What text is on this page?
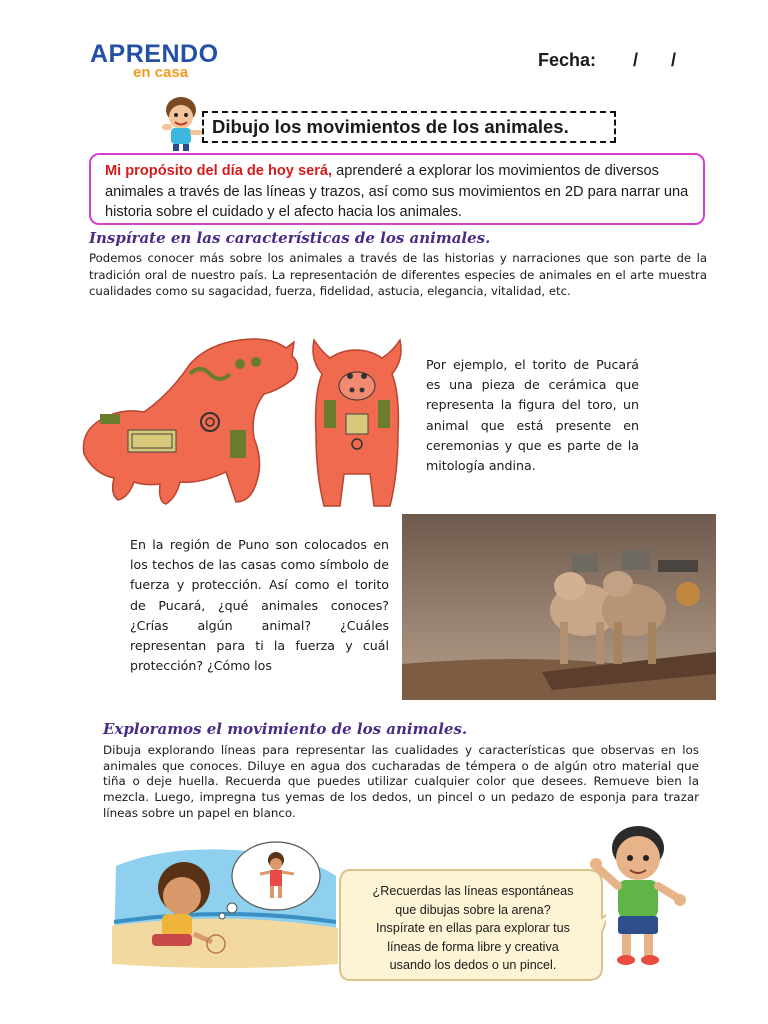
APRENDO
en casa
Fecha: / /
Dibujo los movimientos de los animales.
Mi propósito del día de hoy será, aprenderé a explorar los movimientos de diversos animales a través de las líneas y trazos, así como sus movimientos en 2D para narrar una historia sobre el cuidado y el afecto hacia los animales.
Inspírate en las características de los animales.
Podemos conocer más sobre los animales a través de las historias y narraciones que son parte de la tradición oral de nuestro país. La representación de diferentes especies de animales en el arte muestra cualidades como su sagacidad, fuerza, fidelidad, astucia, elegancia, vitalidad, etc.
Por ejemplo, el torito de Pucará es una pieza de cerámica que representa la figura del toro, un animal que está presente en ceremonias y que es parte de la mitología andina.
En la región de Puno son colocados en los techos de las casas como símbolo de fuerza y protección. Así como el torito de Pucará, ¿qué animales conoces? ¿Crías algún animal? ¿Cuáles representan para ti la fuerza y cuál protección? ¿Cómo los
Exploramos el movimiento de los animales.
Dibuja explorando líneas para representar las cualidades y características que observas en los animales que conoces. Diluye en agua dos cucharadas de témpera o de algún otro material que tiña o deje huella. Recuerda que puedes utilizar cualquier color que desees. Remueve bien la mezcla. Luego, impregna tus yemas de los dedos, un pincel o un pedazo de esponja para trazar líneas sobre un papel en blanco.
¿Recuerdas las líneas espontáneas
que dibujas sobre la arena?
Inspírate en ellas para explorar tus
líneas de forma libre y creativa
usando los dedos o un pincel.
